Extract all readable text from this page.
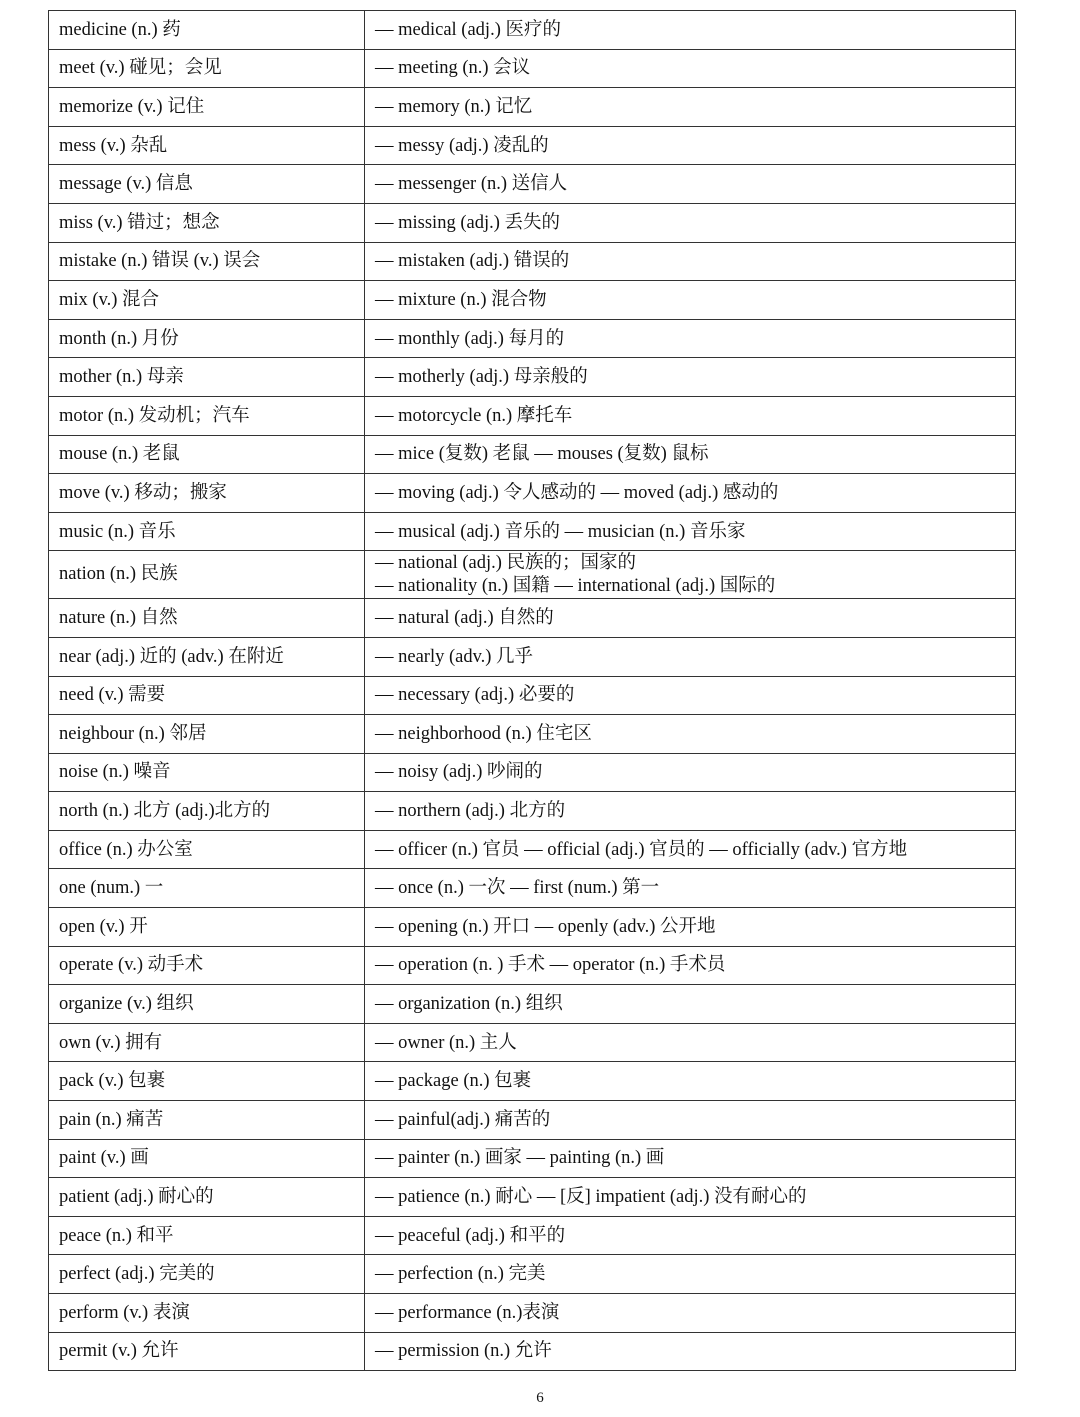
medicine (n.) 药	— medical (adj.) 医疗的

meet (v.) 碰见；会见	— meeting (n.) 会议

memorize (v.) 记住	— memory (n.) 记忆

mess (v.) 杂乱	— messy (adj.) 凌乱的

message (v.) 信息	— messenger (n.) 送信人

miss (v.) 错过；想念	— missing (adj.) 丢失的

mistake (n.) 错误 (v.) 误会	— mistaken (adj.) 错误的

mix (v.) 混合	— mixture (n.) 混合物

month (n.) 月份	— monthly (adj.) 每月的

mother (n.) 母亲	— motherly (adj.) 母亲般的

motor (n.) 发动机；汽车	— motorcycle (n.) 摩托车

mouse (n.) 老鼠	— mice (复数) 老鼠 — mouses (复数) 鼠标

move (v.) 移动；搬家	— moving (adj.) 令人感动的 — moved (adj.) 感动的

music (n.) 音乐	— musical (adj.) 音乐的 — musician (n.) 音乐家

nation (n.) 民族	— national (adj.) 民族的；国家的
— nationality (n.) 国籍 — international (adj.) 国际的

nature (n.) 自然	— natural (adj.) 自然的

near (adj.) 近的 (adv.) 在附近	— nearly (adv.) 几乎

need (v.) 需要	— necessary (adj.) 必要的

neighbour (n.) 邻居	— neighborhood (n.) 住宅区

noise (n.) 噪音	— noisy (adj.) 吵闹的

north (n.) 北方 (adj.)北方的	— northern (adj.) 北方的

office (n.) 办公室	— officer (n.) 官员 — official (adj.) 官员的 — officially (adv.) 官方地

one (num.) 一	— once (n.) 一次 — first (num.) 第一

open (v.) 开	— opening (n.) 开口 — openly (adv.) 公开地

operate (v.) 动手术	— operation (n. ) 手术 — operator (n.) 手术员

organize (v.) 组织	— organization (n.) 组织

own (v.) 拥有	— owner (n.) 主人

pack (v.) 包裹	— package (n.) 包裹

pain (n.) 痛苦	— painful(adj.) 痛苦的

paint (v.) 画	— painter (n.) 画家 — painting (n.) 画

patient (adj.) 耐心的	— patience (n.) 耐心 — [反] impatient (adj.) 没有耐心的

peace (n.) 和平	— peaceful (adj.) 和平的

perfect (adj.) 完美的	— perfection (n.) 完美

perform (v.) 表演	— performance (n.)表演

permit (v.) 允许	— permission (n.) 允许
6
